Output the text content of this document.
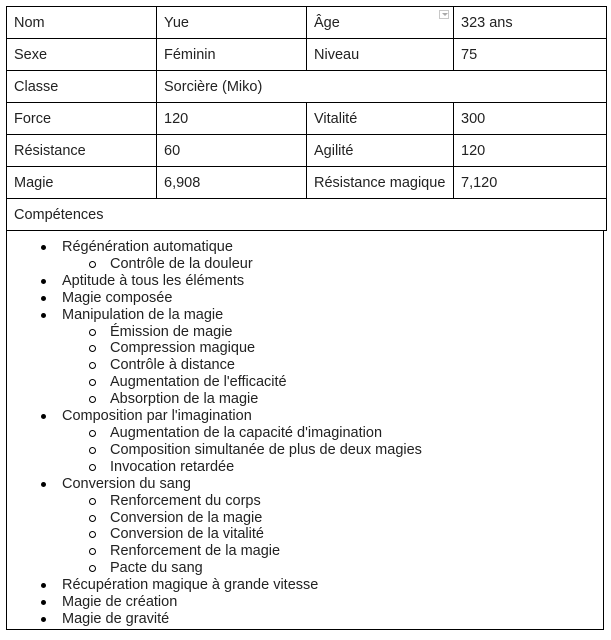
Nom	Yue	Âge	323 ans
Sexe	Féminin	Niveau	75
Classe	Sorcière (Miko)		
Force	120	Vitalité	300
Résistance	60	Agilité	120
Magie	6,908	Résistance magique	7,120
Compétences			
Régénération automatique
Contrôle de la douleur
Aptitude à tous les éléments
Magie composée
Manipulation de la magie
Émission de magie
Compression magique
Contrôle à distance
Augmentation de l'efficacité
Absorption de la magie
Composition par l'imagination
Augmentation de la capacité d'imagination
Composition simultanée de plus de deux magies
Invocation retardée
Conversion du sang
Renforcement du corps
Conversion de la magie
Conversion de la vitalité
Renforcement de la magie
Pacte du sang
Récupération magique à grande vitesse
Magie de création
Magie de gravité
